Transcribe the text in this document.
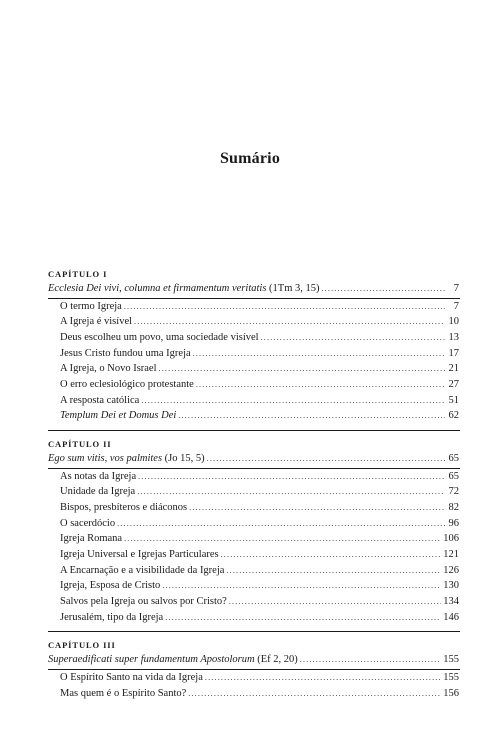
Sumário
CAPÍTULO I
Ecclesia Dei vivi, columna et firmamentum veritatis (1Tm 3, 15) .....	7
O termo Igreja .....	7
A Igreja é visível .....	10
Deus escolheu um povo, uma sociedade visível .....	13
Jesus Cristo fundou uma Igreja .....	17
A Igreja, o Novo Israel .....	21
O erro eclesiológico protestante .....	27
A resposta católica .....	51
Templum Dei et Domus Dei .....	62
CAPÍTULO II
Ego sum vitis, vos palmites (Jo 15, 5) .....	65
As notas da Igreja .....	65
Unidade da Igreja .....	72
Bispos, presbíteros e diáconos .....	82
O sacerdócio .....	96
Igreja Romana .....	106
Igreja Universal e Igrejas Particulares .....	121
A Encarnação e a visibilidade da Igreja .....	126
Igreja, Esposa de Cristo .....	130
Salvos pela Igreja ou salvos por Cristo? .....	134
Jerusalém, tipo da Igreja .....	146
CAPÍTULO III
Superaedificati super fundamentum Apostolorum (Ef 2, 20) .....	155
O Espírito Santo na vida da Igreja .....	155
Mas quem é o Espírito Santo? .....	156
